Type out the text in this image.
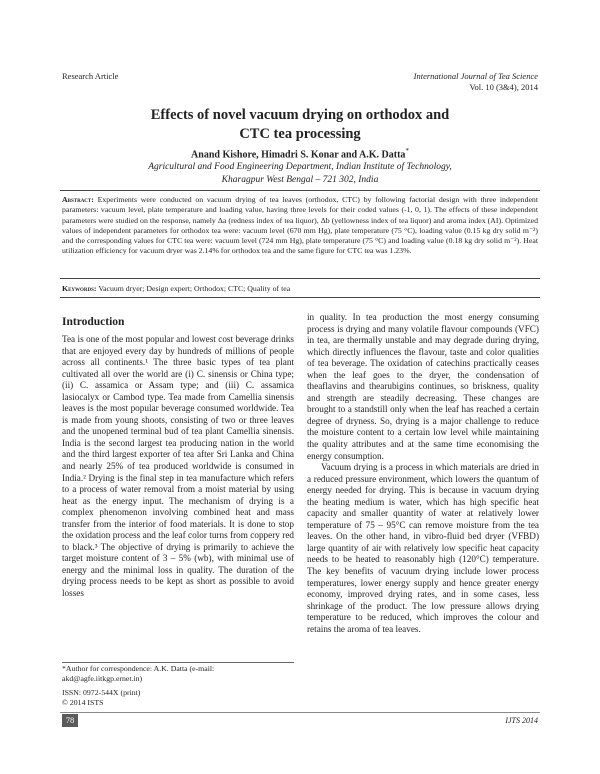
Research Article	International Journal of Tea Science
Vol. 10 (3&4), 2014
Effects of novel vacuum drying on orthodox and
CTC tea processing
Anand Kishore, Himadri S. Konar and A.K. Datta*
Agricultural and Food Engineering Department, Indian Institute of Technology,
Kharagpur West Bengal – 721 302, India
Abstract: Experiments were conducted on vacuum drying of tea leaves (orthodox, CTC) by following factorial design with three independent parameters: vacuum level, plate temperature and loading value, having three levels for their coded values (-1, 0, 1). The effects of these independent parameters were studied on the response, namely Δa (redness index of tea liquor), Δb (yellowness index of tea liquor) and aroma index (AI). Optimized values of independent parameters for orthodox tea were: vacuum level (670 mm Hg), plate temperature (75 °C), loading value (0.15 kg dry solid m⁻²) and the corresponding values for CTC tea were: vacuum level (724 mm Hg), plate temperature (75 °C) and loading value (0.18 kg dry solid m⁻²). Heat utilization efficiency for vacuum dryer was 2.14% for orthodox tea and the same figure for CTC tea was 1.23%.
Keywords: Vacuum dryer; Design expert; Orthodox; CTC; Quality of tea
Introduction

Tea is one of the most popular and lowest cost beverage drinks that are enjoyed every day by hundreds of millions of people across all continents.¹ The three basic types of tea plant cultivated all over the world are (i) C. sinensis or China type; (ii) C. assamica or Assam type; and (iii) C. assamica lasiocalyx or Cambod type. Tea made from Camellia sinensis leaves is the most popular beverage consumed worldwide. Tea is made from young shoots, consisting of two or three leaves and the unopened terminal bud of tea plant Camellia sinensis. India is the second largest tea producing nation in the world and the third largest exporter of tea after Sri Lanka and China and nearly 25% of tea produced worldwide is consumed in India.² Drying is the final step in tea manufacture which refers to a process of water removal from a moist material by using heat as the energy input. The mechanism of drying is a complex phenomenon involving combined heat and mass transfer from the interior of food materials. It is done to stop the oxidation process and the leaf color turns from coppery red to black.³ The objective of drying is primarily to achieve the target moisture content of 3 – 5% (wb), with minimal use of energy and the minimal loss in quality. The duration of the drying process needs to be kept as short as possible to avoid losses

in quality. In tea production the most energy consuming process is drying and many volatile flavour compounds (VFC) in tea, are thermally unstable and may degrade during drying, which directly influences the flavour, taste and color qualities of tea beverage. The oxidation of catechins practically ceases when the leaf goes to the dryer, the condensation of theaflavins and thearubigins continues, so briskness, quality and strength are steadily decreasing. These changes are brought to a standstill only when the leaf has reached a certain degree of dryness. So, drying is a major challenge to reduce the moisture content to a certain low level while maintaining the quality attributes and at the same time economising the energy consumption.

Vacuum drying is a process in which materials are dried in a reduced pressure environment, which lowers the quantum of energy needed for drying. This is because in vacuum drying the heating medium is water, which has high specific heat capacity and smaller quantity of water at relatively lower temperature of 75 – 95°C can remove moisture from the tea leaves. On the other hand, in vibro-fluid bed dryer (VFBD) large quantity of air with relatively low specific heat capacity needs to be heated to reasonably high (120°C) temperature. The key benefits of vacuum drying include lower process temperatures, lower energy supply and hence greater energy economy, improved drying rates, and in some cases, less shrinkage of the product. The low pressure allows drying temperature to be reduced, which improves the colour and retains the aroma of tea leaves.

*Author for correspondence: A.K. Datta (e-mail: akd@agfe.iitkgp.ernet.in)
ISSN: 0972-544X (print)
© 2014 ISTS
78	IJTS 2014
